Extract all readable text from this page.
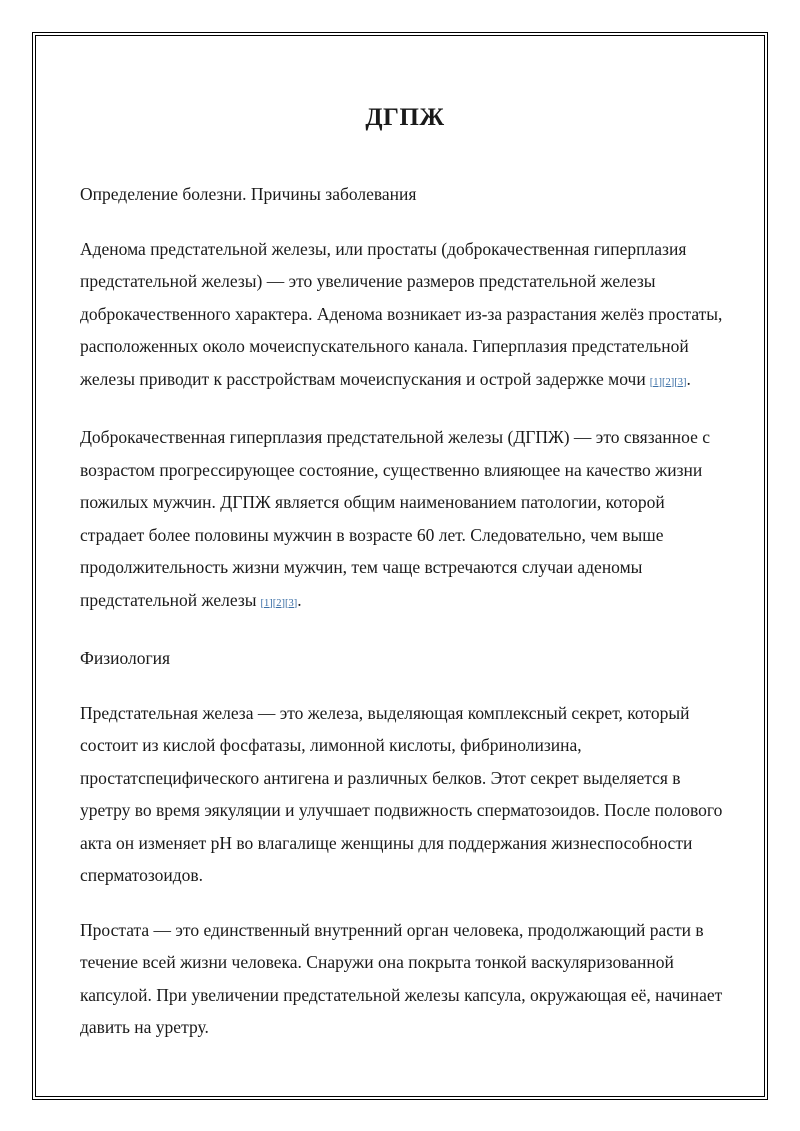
ДГПЖ

Определение болезни. Причины заболевания

Аденома предстательной железы, или простаты (доброкачественная гиперплазия предстательной железы) — это увеличение размеров предстательной железы доброкачественного характера. Аденома возникает из-за разрастания желёз простаты, расположенных около мочеиспускательного канала. Гиперплазия предстательной железы приводит к расстройствам мочеиспускания и острой задержке мочи [1][2][3].

Доброкачественная гиперплазия предстательной железы (ДГПЖ) — это связанное с возрастом прогрессирующее состояние, существенно влияющее на качество жизни пожилых мужчин. ДГПЖ является общим наименованием патологии, которой страдает более половины мужчин в возрасте 60 лет. Следовательно, чем выше продолжительность жизни мужчин, тем чаще встречаются случаи аденомы предстательной железы [1][2][3].

Физиология

Предстательная железа — это железа, выделяющая комплексный секрет, который состоит из кислой фосфатазы, лимонной кислоты, фибринолизина, простатспецифического антигена и различных белков. Этот секрет выделяется в уретру во время эякуляции и улучшает подвижность сперматозоидов. После полового акта он изменяет pH во влагалище женщины для поддержания жизнеспособности сперматозоидов.

Простата — это единственный внутренний орган человека, продолжающий расти в течение всей жизни человека. Снаружи она покрыта тонкой васкуляризованной капсулой. При увеличении предстательной железы капсула, окружающая её, начинает давить на уретру.
